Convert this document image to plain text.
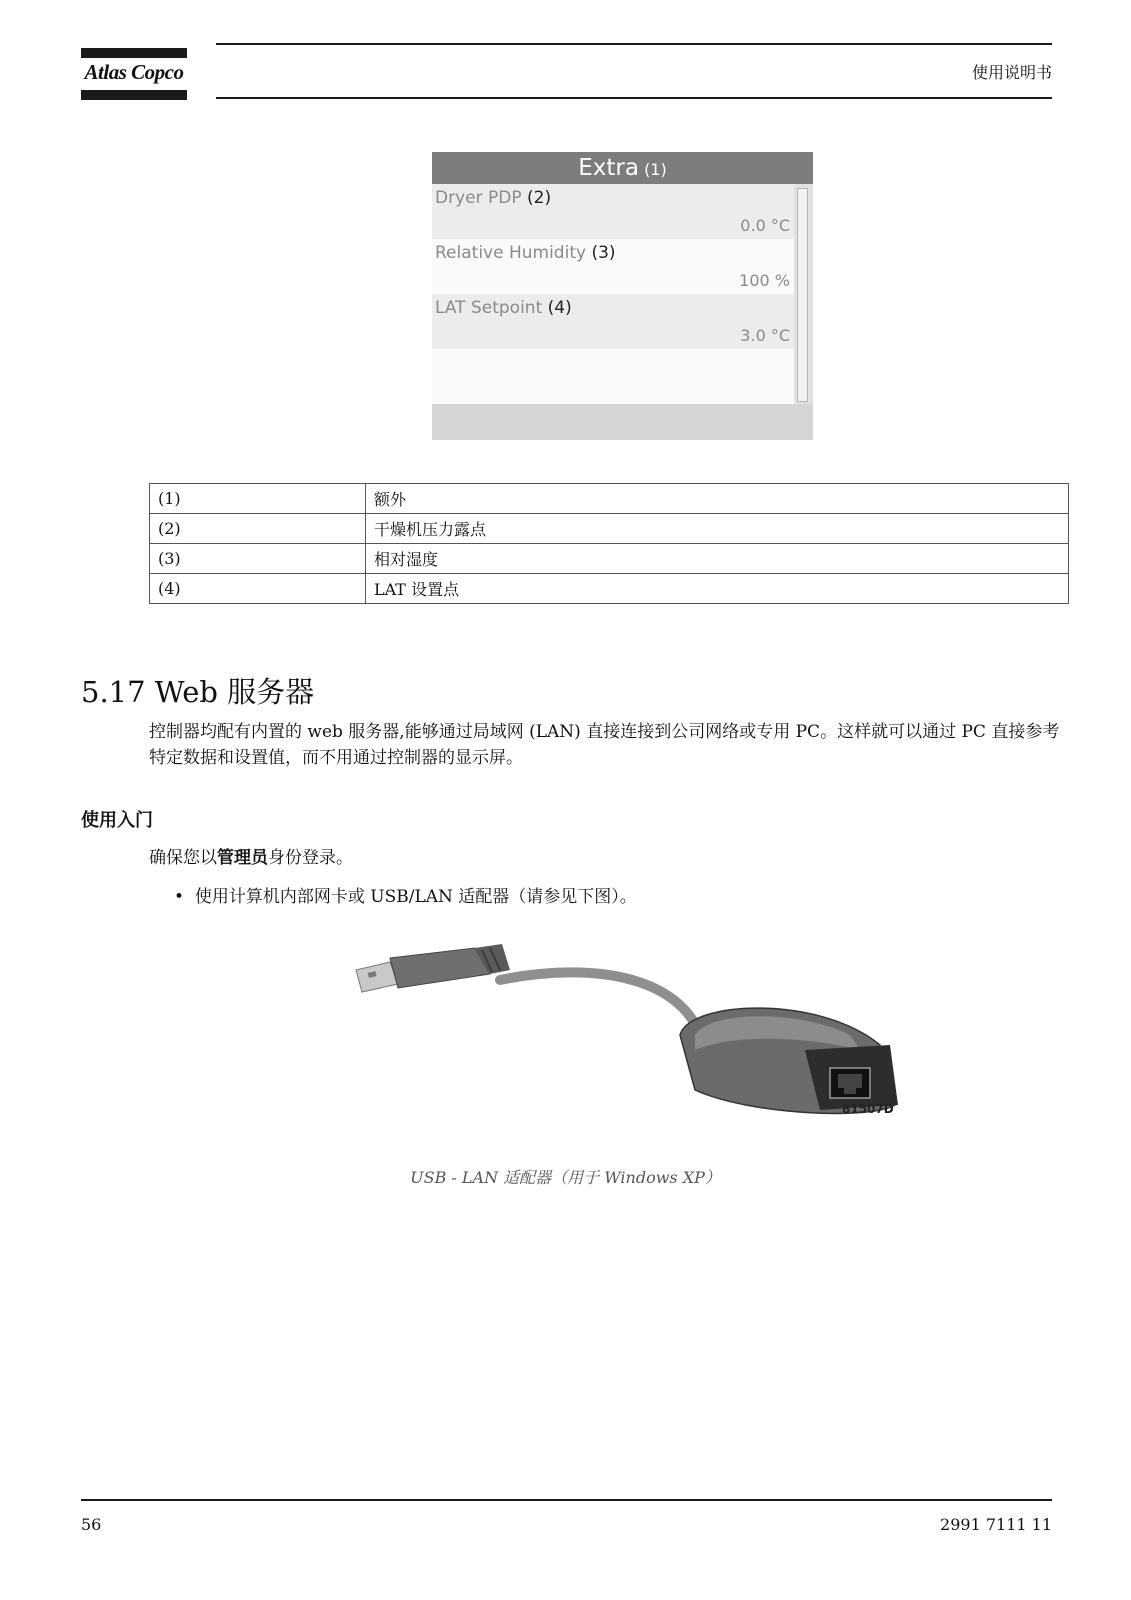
Atlas Copco	使用说明书
Extra (1)
Dryer PDP (2)
0.0 °C
Relative Humidity (3)
100 %
LAT Setpoint (4)
3.0 °C
(1)	额外
(2)	干燥机压力露点
(3)	相对湿度
(4)	LAT 设置点
5.17 Web 服务器
控制器均配有内置的 web 服务器,能够通过局域网 (LAN) 直接连接到公司网络或专用 PC。这样就可以通过 PC 直接参考特定数据和设置值，而不用通过控制器的显示屏。
使用入门
确保您以管理员身份登录。
•  使用计算机内部网卡或 USB/LAN 适配器（请参见下图）。
81507D
USB - LAN 适配器（用于 Windows XP）
56	2991 7111 11
